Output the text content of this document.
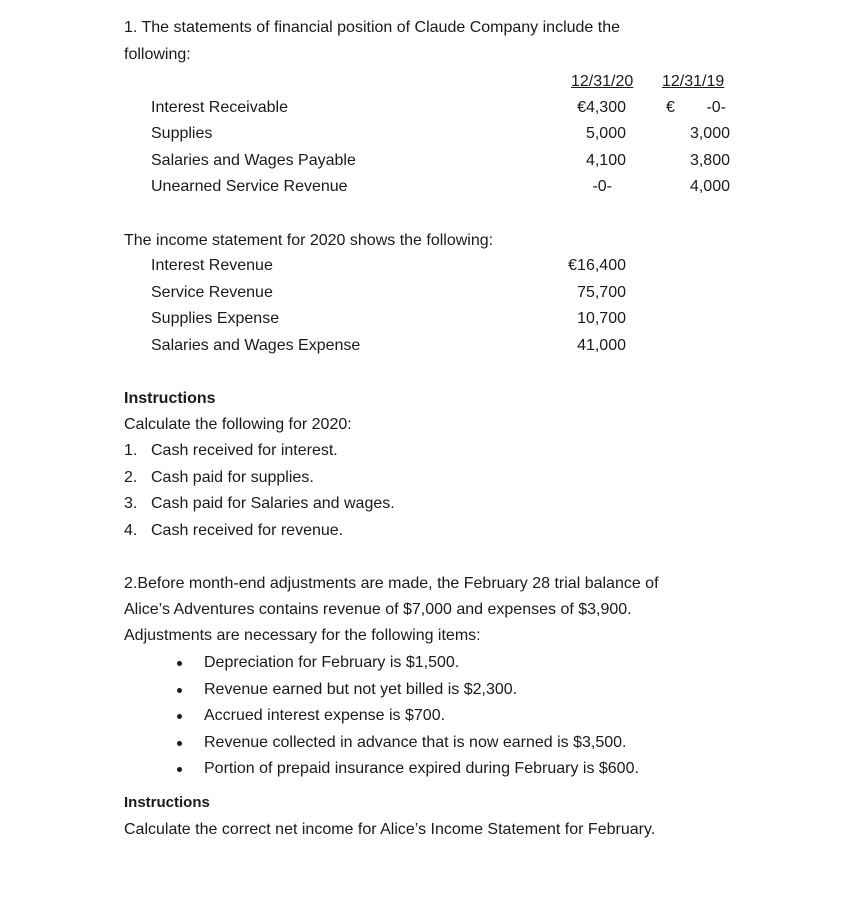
1. The statements of financial position of Claude Company include the
following:
12/31/20 12/31/19
Interest Receivable	€4,300	€	-0-
Supplies	5,000	3,000
Salaries and Wages Payable	4,100	3,800
Unearned Service Revenue	-0-	4,000
The income statement for 2020 shows the following:
Interest Revenue	€16,400
Service Revenue	75,700
Supplies Expense	10,700
Salaries and Wages Expense	41,000
Instructions
Calculate the following for 2020:
1. Cash received for interest.
2. Cash paid for supplies.
3. Cash paid for Salaries and wages.
4. Cash received for revenue.
2.Before month-end adjustments are made, the February 28 trial balance of
Alice’s Adventures contains revenue of $7,000 and expenses of $3,900.
Adjustments are necessary for the following items:
Depreciation for February is $1,500.
Revenue earned but not yet billed is $2,300.
Accrued interest expense is $700.
Revenue collected in advance that is now earned is $3,500.
Portion of prepaid insurance expired during February is $600.
Instructions
Calculate the correct net income for Alice’s Income Statement for February.
